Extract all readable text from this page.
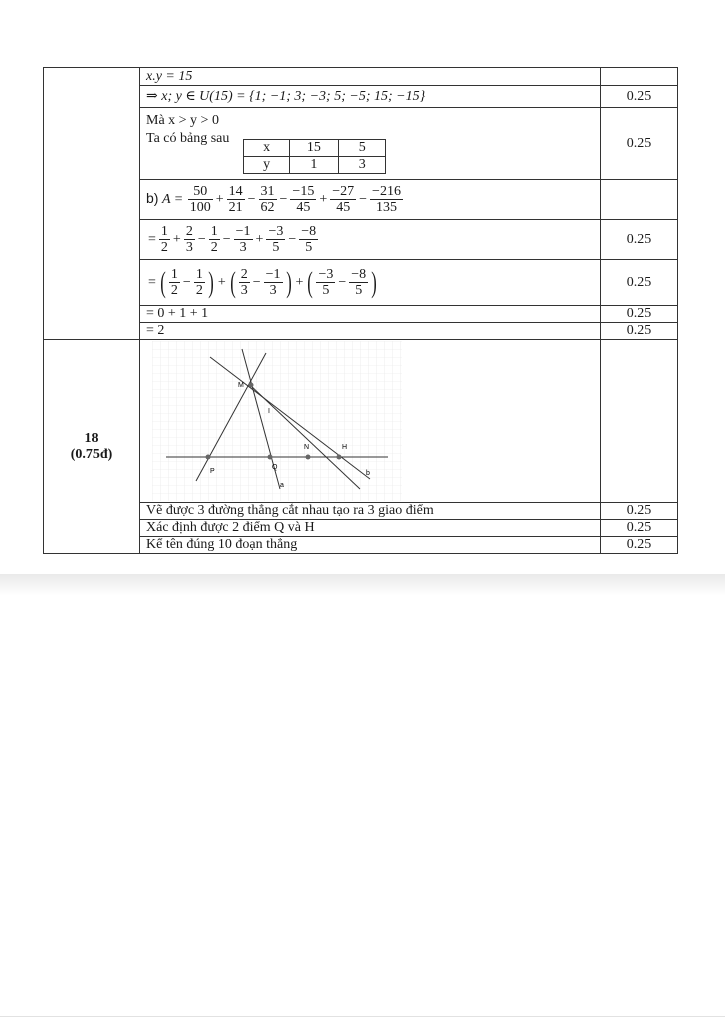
	x.y = 15	
⇒ x; y ∈ U(15) = {1; −1; 3; −3; 5; −5; 15; −15}	0.25

Mà x > y > 0
Ta có bảng sau
x	15	5
y	1	3
	0.25
b) $A = \frac{50}{100} + \frac{14}{21} - \frac{31}{62} - \frac{-15}{45} + \frac{-27}{45} - \frac{-216}{135}$

= $\frac{1}{2} + \frac{2}{3} - \frac{1}{2} - \frac{-1}{3} + \frac{-3}{5} - \frac{-8}{5}$	0.25
= ( $\frac{1}{2} - \frac{1}{2}$ ) + ( $\frac{2}{3} - \frac{-1}{3}$ ) + ( $\frac{-3}{5} - \frac{-8}{5}$ )	0.25
= 0 + 1 + 1	0.25
= 2	0.25

18
(0.75đ)

M
I
N	H
P
Q
a
b

Vẽ được 3 đường thẳng cắt nhau tạo ra 3 giao điểm	0.25
Xác định được 2 điểm Q và H	0.25
Kể tên đúng 10 đoạn thẳng	0.25
